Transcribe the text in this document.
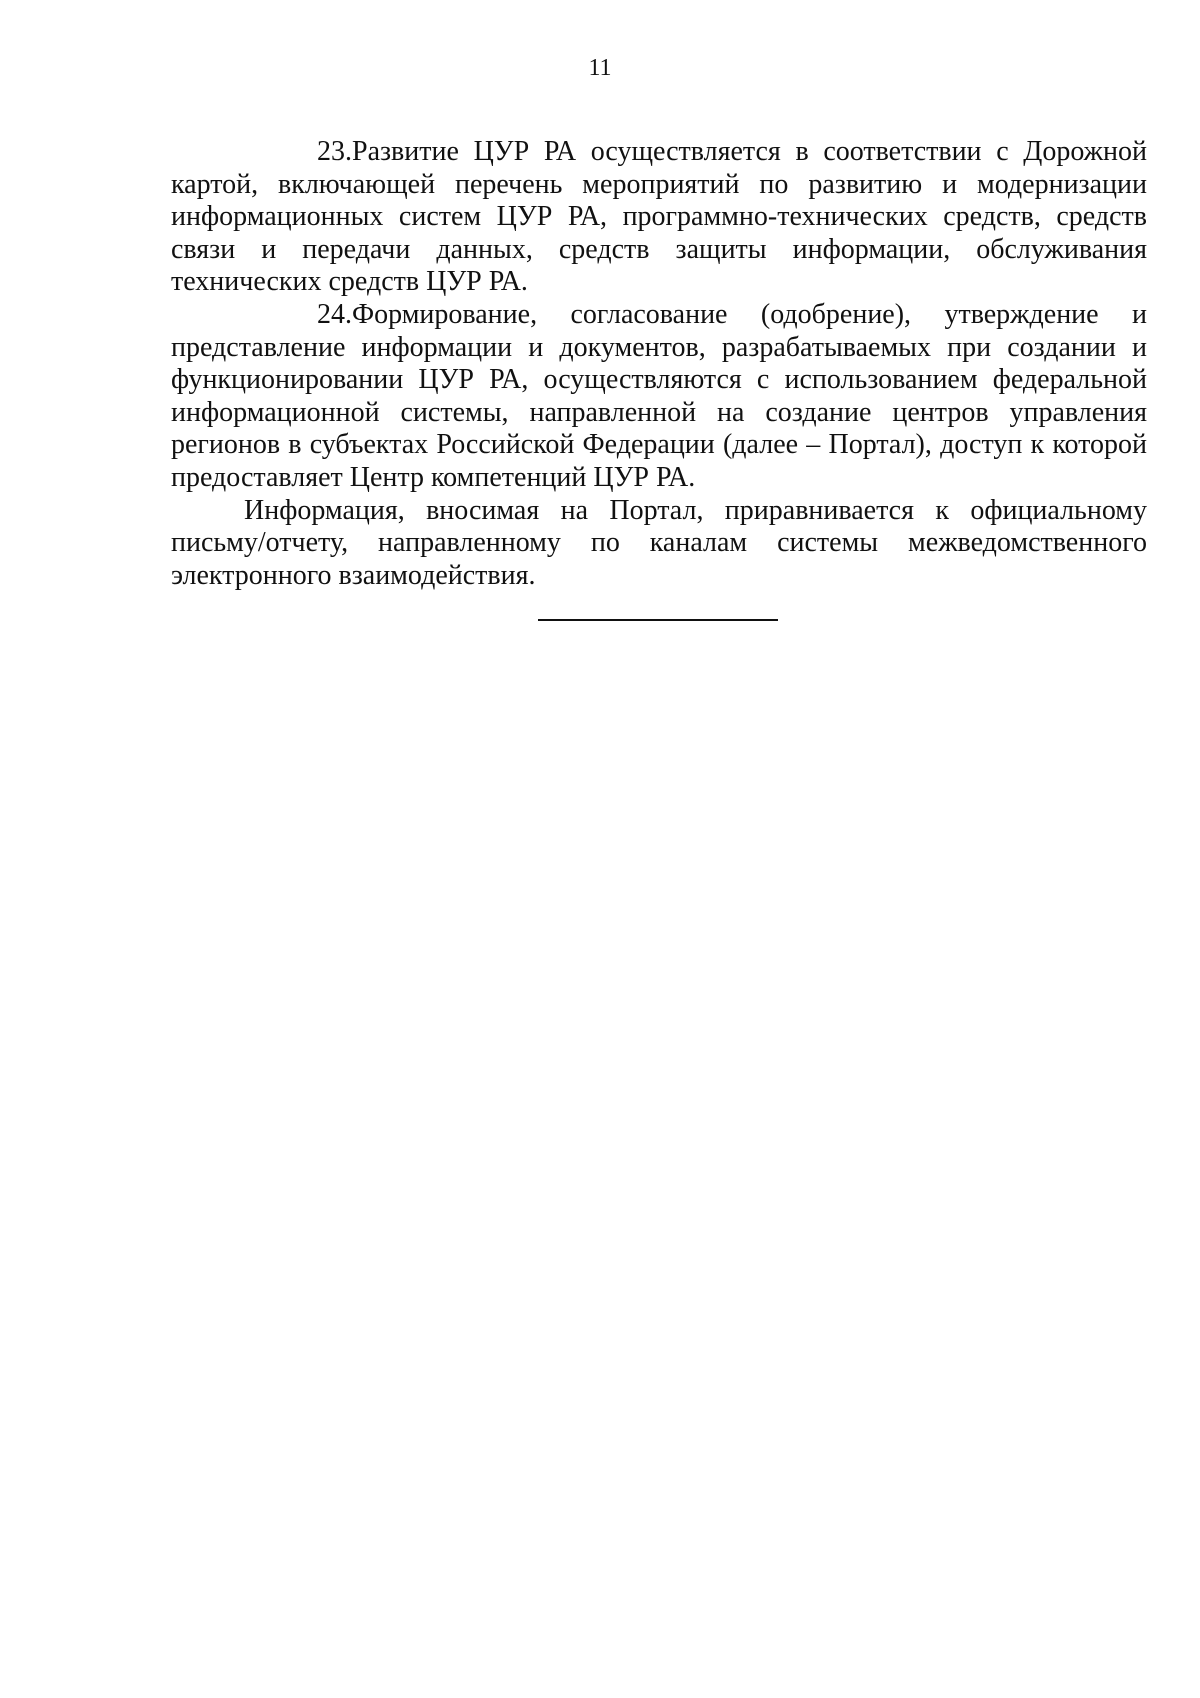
11

23.Развитие ЦУР РА осуществляется в соответствии с Дорожной картой, включающей перечень мероприятий по развитию и модернизации информационных систем ЦУР РА, программно-технических средств, средств связи и передачи данных, средств защиты информации, обслуживания технических средств ЦУР РА.

24.Формирование, согласование (одобрение), утверждение и представление информации и документов, разрабатываемых при создании и функционировании ЦУР РА, осуществляются с использованием федеральной информационной системы, направленной на создание центров управления регионов в субъектах Российской Федерации (далее – Портал), доступ к которой предоставляет Центр компетенций ЦУР РА.

Информация, вносимая на Портал, приравнивается к официальному письму/отчету, направленному по каналам системы межведомственного электронного взаимодействия.
